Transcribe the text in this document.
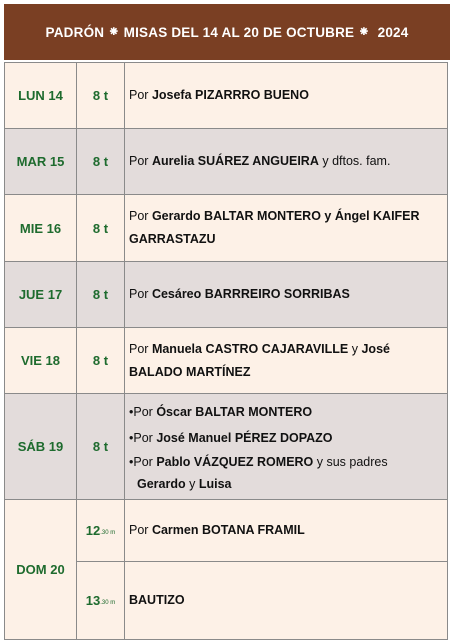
PADRÓN
⁕
MISAS DEL 14 AL 20 DE OCTUBRE
⁕
2024
LUN 14	8 t	Por Josefa PIZARRRO BUENO
MAR 15	8 t	Por Aurelia SUÁREZ ANGUEIRA y dftos. fam.
MIE 16	8 t	Por Gerardo BALTAR MONTERO y Ángel KAIFER GARRASTAZU
JUE 17	8 t	Por Cesáreo BARRREIRO SORRIBAS
VIE 18	8 t	Por Manuela CASTRO CAJARAVILLE y José BALADO MARTÍNEZ
SÁB 19	8 t	•Por Óscar BALTAR MONTERO
•Por José Manuel PÉREZ DOPAZO
•Por Pablo VÁZQUEZ ROMERO y sus padres
Gerardo y Luisa

DOM 20	12.30 m	Por Carmen BOTANA FRAMIL
	13.30 m	BAUTIZO
